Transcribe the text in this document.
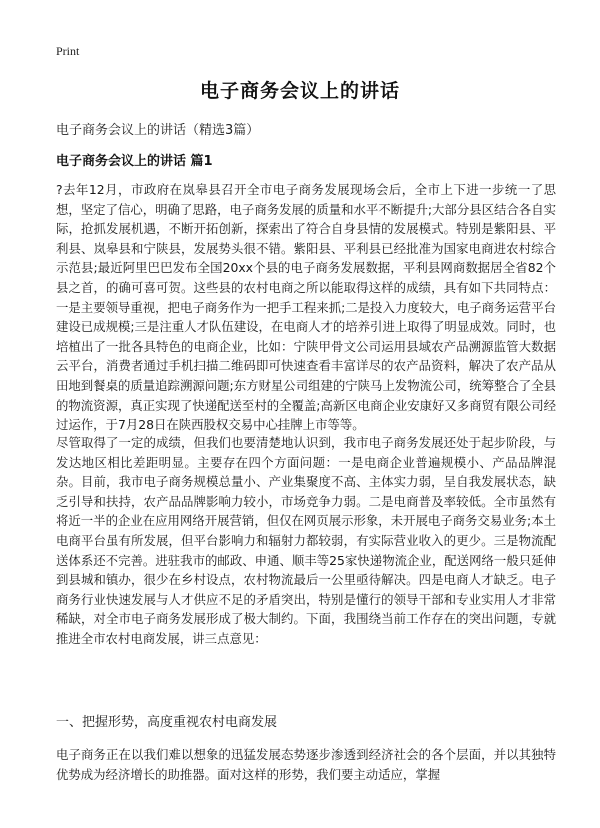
Print
电子商务会议上的讲话
电子商务会议上的讲话（精选3篇）
电子商务会议上的讲话 篇1

?去年12月，市政府在岚皋县召开全市电子商务发展现场会后，全市上下进一步统一了思想，坚定了信心，明确了思路，电子商务发展的质量和水平不断提升;大部分县区结合各自实际，抢抓发展机遇，不断开拓创新，探索出了符合自身县情的发展模式。特别是紫阳县、平利县、岚皋县和宁陕县，发展势头很不错。紫阳县、平利县已经批准为国家电商进农村综合示范县;最近阿里巴巴发布全国20xx个县的电子商务发展数据，平利县网商数据居全省82个县之首，的确可喜可贺。这些县的农村电商之所以能取得这样的成绩，具有如下共同特点：一是主要领导重视，把电子商务作为一把手工程来抓;二是投入力度较大，电子商务运营平台建设已成规模;三是注重人才队伍建设，在电商人才的培养引进上取得了明显成效。同时，也培植出了一批各具特色的电商企业，比如：宁陕甲骨文公司运用县域农产品溯源监管大数据云平台，消费者通过手机扫描二维码即可快速查看丰富详尽的农产品资料，解决了农产品从田地到餐桌的质量追踪溯源问题;东方财星公司组建的宁陕马上发物流公司，统筹整合了全县的物流资源，真正实现了快递配送至村的全覆盖;高新区电商企业安康好又多商贸有限公司经过运作，于7月28日在陕西股权交易中心挂牌上市等等。

尽管取得了一定的成绩，但我们也要清楚地认识到，我市电子商务发展还处于起步阶段，与发达地区相比差距明显。主要存在四个方面问题：一是电商企业普遍规模小、产品品牌混杂。目前，我市电子商务规模总量小、产业集聚度不高、主体实力弱，呈自我发展状态，缺乏引导和扶持，农产品品牌影响力较小，市场竞争力弱。二是电商普及率较低。全市虽然有将近一半的企业在应用网络开展营销，但仅在网页展示形象，未开展电子商务交易业务;本土电商平台虽有所发展，但平台影响力和辐射力都较弱，有实际营业收入的更少。三是物流配送体系还不完善。进驻我市的邮政、申通、顺丰等25家快递物流企业，配送网络一般只延伸到县城和镇办，很少在乡村设点，农村物流最后一公里亟待解决。四是电商人才缺乏。电子商务行业快速发展与人才供应不足的矛盾突出，特别是懂行的领导干部和专业实用人才非常稀缺，对全市电子商务发展形成了极大制约。下面，我围绕当前工作存在的突出问题，专就推进全市农村电商发展，讲三点意见：

一、把握形势，高度重视农村电商发展

电子商务正在以我们难以想象的迅猛发展态势逐步渗透到经济社会的各个层面，并以其独特优势成为经济增长的助推器。面对这样的形势，我们要主动适应，掌握
